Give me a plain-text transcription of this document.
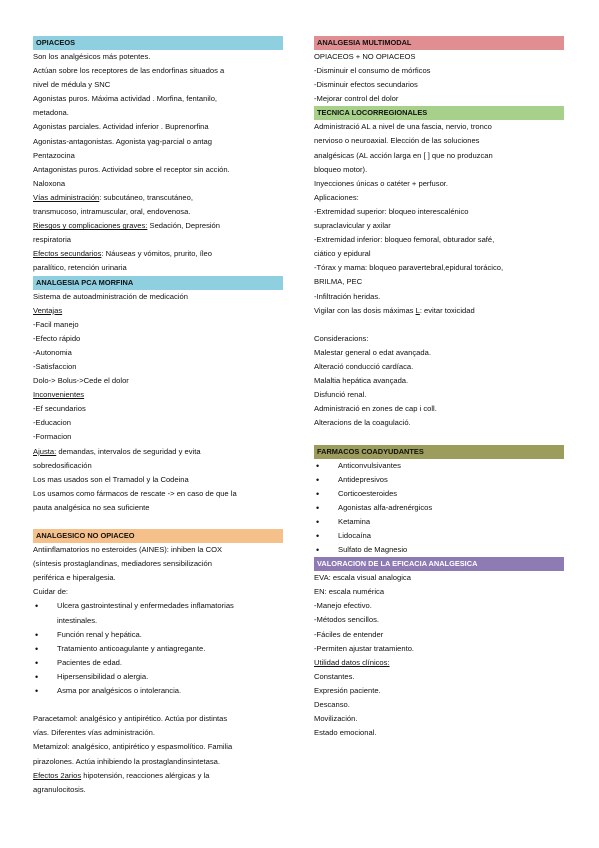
OPIACEOS
Son los analgésicos más potentes.
Actúan sobre los receptores de las endorfinas situados a
nivel de médula y SNC
Agonistas puros. Máxima actividad . Morfina, fentanilo,
metadona.
Agonistas parciales. Actividad inferior . Buprenorfina
Agonistas-antagonistas. Agonista γag-parcial o antag
Pentazocina
Antagonistas puros. Actividad sobre el receptor sin acción.
Naloxona
Vías administración: subcutáneo, transcutáneo,
transmucoso, intramuscular, oral, endovenosa.
Riesgos y complicaciones graves: Sedación, Depresión
respiratoria
Efectos secundarios: Náuseas y vómitos, prurito, íleo
paralítico, retención urinaria
ANALGESIA PCA MORFINA
Sistema de autoadministración de medicación
Ventajas
-Facil manejo
-Efecto rápido
-Autonomia
-Satisfaccion
Dolo-> Bolus->Cede el dolor
Inconvenientes
-Ef secundarios
-Educacion
-Formacion
Ajusta: demandas, intervalos de seguridad y evita
sobredosificación
Los mas usados son el Tramadol y la Codeina
Los usamos como fármacos de rescate -> en caso de que la
pauta analgésica no sea suficiente
ANALGESICO NO OPIACEO
Antiinflamatorios no esteroides (AINES): inhiben la COX
(síntesis prostaglandinas, mediadores sensibilización
periférica e hiperalgesia.
Cuidar de:
• Ulcera gastrointestinal y enfermedades inflamatorias
intestinales.
• Función renal y hepática.
• Tratamiento anticoagulante y antiagregante.
• Pacientes de edad.
• Hipersensibilidad o alergia.
• Asma por analgésicos o intolerancia.
Paracetamol: analgésico y antipirético. Actúa por distintas
vías. Diferentes vías administración.
Metamizol: analgésico, antipirético y espasmolítico. Familia
pirazolones. Actúa inhibiendo la prostaglandinsintetasa.
Efectos 2arios hipotensión, reacciones alérgicas y la
agranulocitosis.
ANALGESIA MULTIMODAL
OPIACEOS + NO OPIACEOS
-Disminuir el consumo de mórficos
-Disminuir efectos secundarios
-Mejorar control del dolor
TECNICA LOCORREGIONALES
Administració AL a nivel de una fascia, nervio, tronco
nervioso o neuroaxial. Elección de las soluciones
analgésicas (AL acción larga en [ ] que no produzcan
bloqueo motor).
Inyecciones únicas o catéter + perfusor.
Aplicaciones:
-Extremidad superior: bloqueo interescalénico
supraclavicular y axilar
-Extremidad inferior: bloqueo femoral, obturador safé,
ciático y epidural
-Tórax y mama: bloqueo paravertebral,epidural torácico,
BRILMA, PEC
-Infiltración heridas.
Vigilar con las dosis máximas L: evitar toxicidad
Consideracions:
Malestar general o edat avançada.
Alteració conducció cardíaca.
Malaltia hepática avançada.
Disfunció renal.
Administració en zones de cap i coll.
Alteracions de la coagulació.
FARMACOS COADYUDANTES
• Anticonvulsivantes
• Antidepresivos
• Corticoesteroides
• Agonistas alfa-adrenérgicos
• Ketamina
• Lidocaína
• Sulfato de Magnesio
VALORACION DE LA EFICACIA ANALGESICA
EVA: escala visual analogica
EN: escala numérica
-Manejo efectivo.
-Métodos sencillos.
-Fáciles de entender
-Permiten ajustar tratamiento.
Utilidad datos clínicos:
Constantes.
Expresión paciente.
Descanso.
Movilización.
Estado emocional.
